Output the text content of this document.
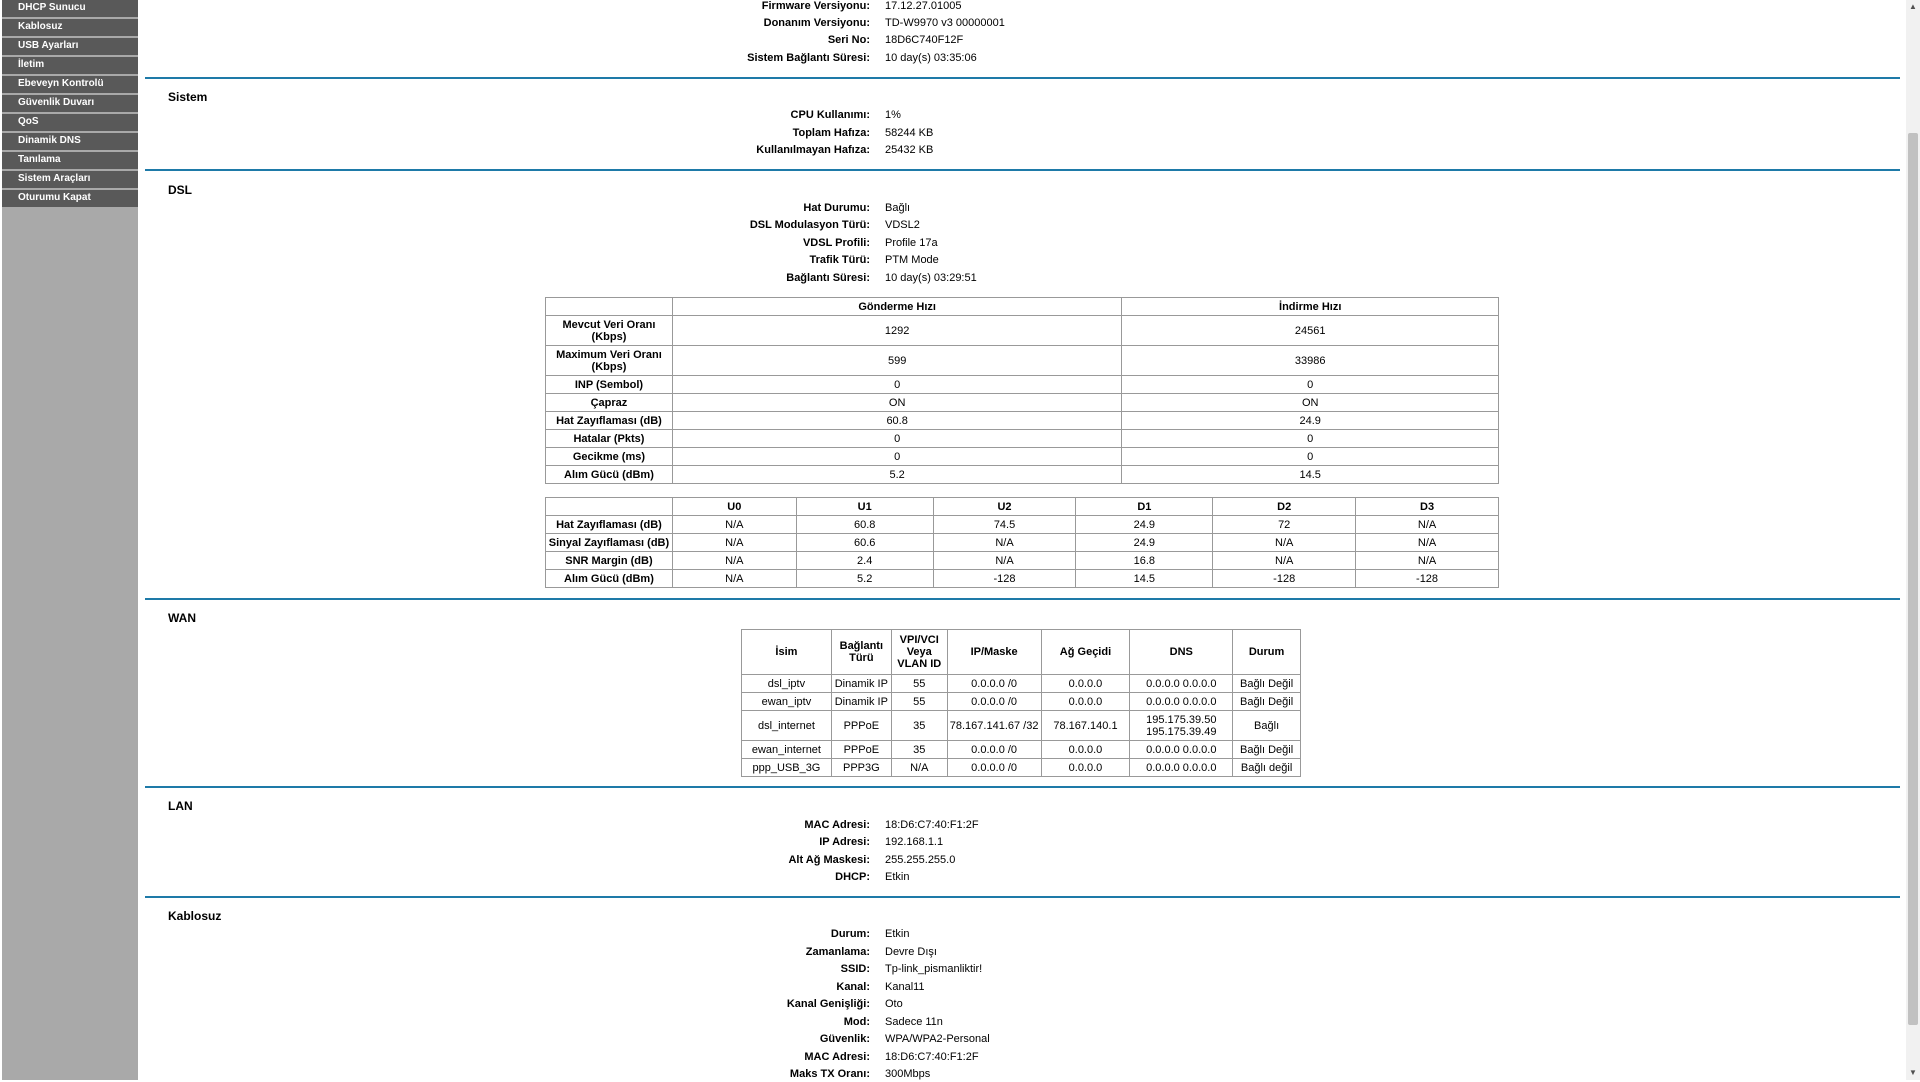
DHCP Sunucu
Kablosuz
USB Ayarları
İletim
Ebeveyn Kontrolü
Güvenlik Duvarı
QoS
Dinamik DNS
Tanılama
Sistem Araçları
Oturumu Kapat
Firmware Versiyonu: 17.12.27.01005
Donanım Versiyonu: TD-W9970 v3 00000001
Seri No: 18D6C740F12F
Sistem Bağlantı Süresi: 10 day(s) 03:35:06
Sistem
CPU Kullanımı: 1%
Toplam Hafıza: 58244 KB
Kullanılmayan Hafıza: 25432 KB
DSL
Hat Durumu: Bağlı
DSL Modulasyon Türü: VDSL2
VDSL Profili: Profile 17a
Trafik Türü: PTM Mode
Bağlantı Süresi: 10 day(s) 03:29:51
	Gönderme Hızı	İndirme Hızı
Mevcut Veri Oranı (Kbps)	1292	24561
Maximum Veri Oranı (Kbps)	599	33986
INP (Sembol)	0	0
Çapraz	ON	ON
Hat Zayıflaması (dB)	60.8	24.9
Hatalar (Pkts)	0	0
Gecikme (ms)	0	0
Alım Gücü (dBm)	5.2	14.5
	U0	U1	U2	D1	D2	D3
Hat Zayıflaması (dB)	N/A	60.8	74.5	24.9	72	N/A
Sinyal Zayıflaması (dB)	N/A	60.6	N/A	24.9	N/A	N/A
SNR Margin (dB)	N/A	2.4	N/A	16.8	N/A	N/A
Alım Gücü (dBm)	N/A	5.2	-128	14.5	-128	-128
WAN
İsim	Bağlantı Türü	VPI/VCI Veya VLAN ID	IP/Maske	Ağ Geçidi	DNS	Durum
dsl_iptv	Dinamik IP	55	0.0.0.0 /0	0.0.0.0	0.0.0.0 0.0.0.0	Bağlı Değil
ewan_iptv	Dinamik IP	55	0.0.0.0 /0	0.0.0.0	0.0.0.0 0.0.0.0	Bağlı Değil
dsl_internet	PPPoE	35	78.167.141.67 /32	78.167.140.1	195.175.39.50 195.175.39.49	Bağlı
ewan_internet	PPPoE	35	0.0.0.0 /0	0.0.0.0	0.0.0.0 0.0.0.0	Bağlı Değil
ppp_USB_3G	PPP3G	N/A	0.0.0.0 /0	0.0.0.0	0.0.0.0 0.0.0.0	Bağlı değil
LAN
MAC Adresi: 18:D6:C7:40:F1:2F
IP Adresi: 192.168.1.1
Alt Ağ Maskesi: 255.255.255.0
DHCP: Etkin
Kablosuz
Durum: Etkin
Zamanlama: Devre Dışı
SSID: Tp-link_pismanliktir!
Kanal: Kanal11
Kanal Genişliği: Oto
Mod: Sadece 11n
Güvenlik: WPA/WPA2-Personal
MAC Adresi: 18:D6:C7:40:F1:2F
Maks TX Oranı: 300Mbps
▲
▼
